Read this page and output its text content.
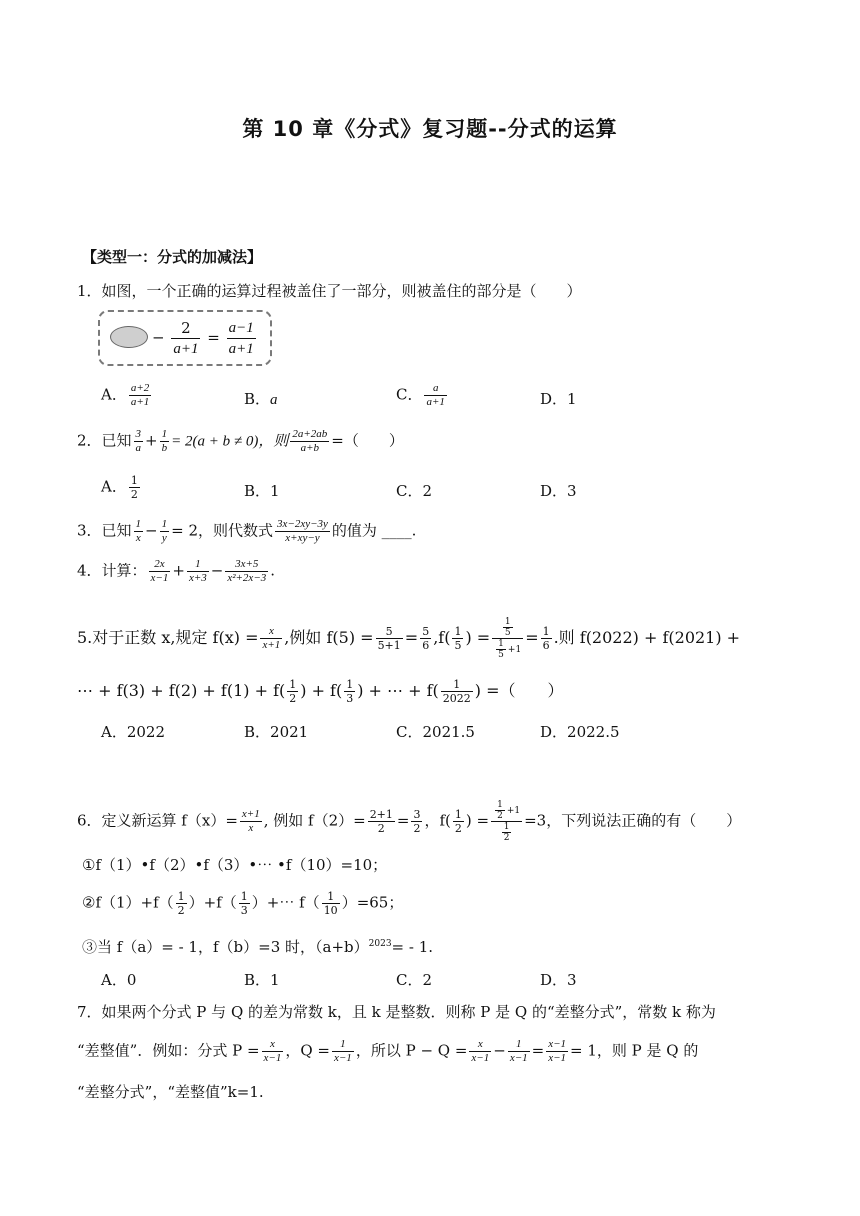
第 10 章《分式》复习题--分式的运算
【类型一：分式的加减法】
1．如图，一个正确的运算过程被盖住了一部分，则被盖住的部分是（　　）
− $\frac{2}{a+1} = \frac{a-1}{a+1}$
A． $\frac{a+2}{a+1}$	B．a	C． $\frac{a}{a+1}$	D．1
2．已知 $\frac{3}{a} + \frac{1}{b} = 2(a + b \ne 0)$，则 $\frac{2a+2ab}{a+b}$ =（　　）
A． $\frac{1}{2}$	B．1	C．2	D．3
3．已知 $\frac{1}{x} - \frac{1}{y} = 2$，则代数式 $\frac{3x-2xy-3y}{x+xy-y}$ 的值为 ____.
4．计算： $\frac{2x}{x-1} + \frac{1}{x+3} - \frac{3x+5}{\text{x²+2x−3}}$ .
5.对于正数 x,规定 $f(x) = \frac{x}{x+1}$ ,例如 $f(5) = \frac{5}{5+1} = \frac{5}{6} ,f( \frac{1}{5}$ ) = $\frac{\frac{1}{5}}{\frac{1}{5} +1} = \frac{1}{6}$ .则 f(2022) + f(2021) +
⋯ + $f(3) + f(2) + f(1) + f( \frac{1}{2}$ ) + $f( \frac{1}{3}$ ) + ⋯ + $f( \frac{1}{2022}$ ) =（　　）
A．2022	B．2021	C．2021.5	D．2022.5
6．定义新运算 $f(x)= \frac{x+1}{x}$ , 例如 $f(2)= \frac{2+1}{2} = \frac{3}{2}$ ，$f( \frac{1}{2}$ ) = $\frac{\frac{1}{2} +1}{\frac{1}{2}} =3$，下列说法正确的有（　　）
①f（1）•f（2）•f（3）•⋯ •f（10）=10；
②f（1）+f（ $\frac{1}{2} )+f( \frac{1}{3}$ ）+⋯ $f( \frac{1}{10} )=65$；
③当 f（a）= - 1，f（b）=3 时，$(a+b)^{2023}= - 1$.
A．0	B．1	C．2	D．3
7．如果两个分式 P 与 Q 的差为常数 k，且 k 是整数．则称 P 是 Q 的“差整分式”，常数 k 称为
“差整值”．例如：分式 $P = \frac{x}{x-1}$ ，$Q = \frac{1}{x-1}$ ，所以 $P - Q = \frac{x}{x-1} - \frac{1}{x-1} = \frac{x-1}{x-1} = 1$，则 P 是 Q 的
“差整分式”，“差整值”k=1.
